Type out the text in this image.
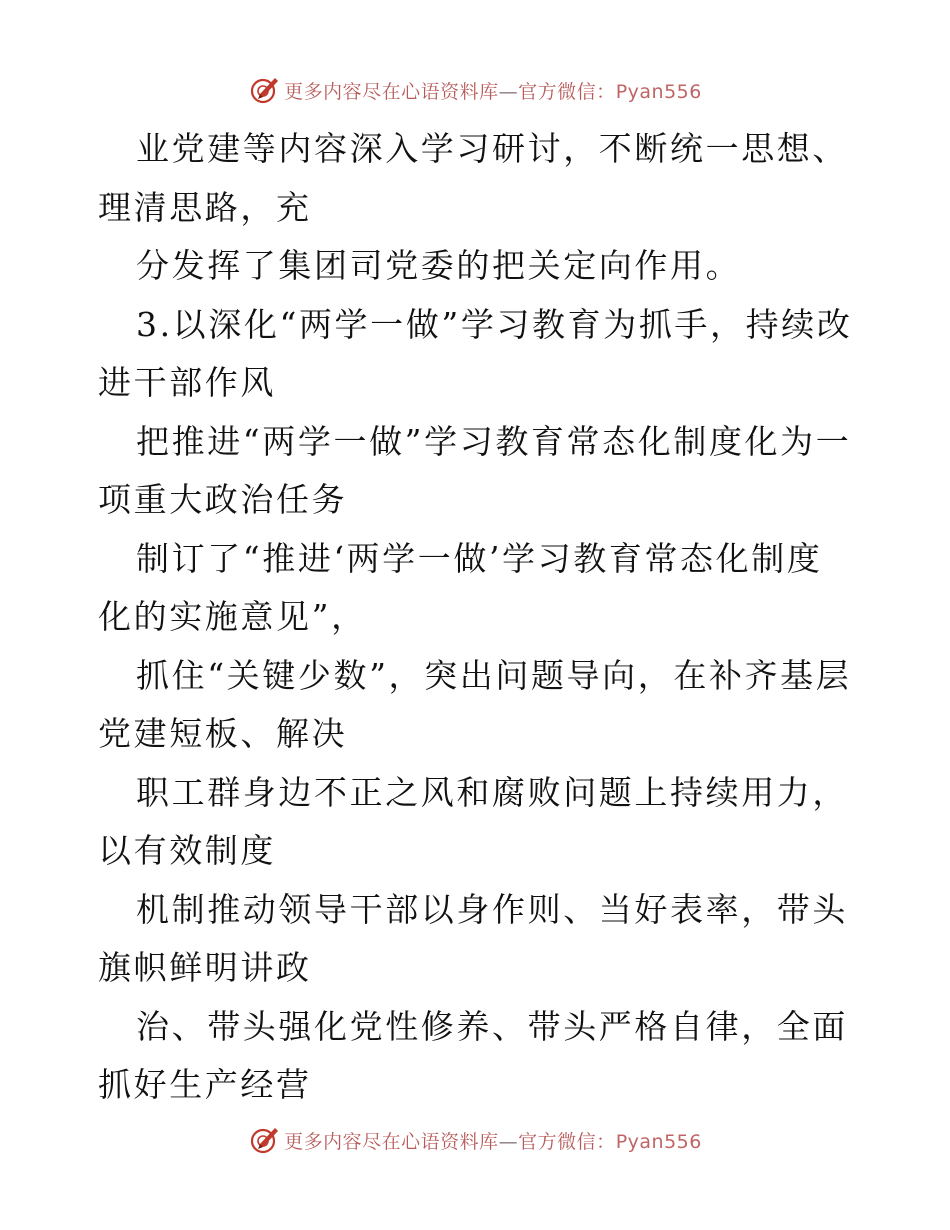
更多内容尽在心语资料库—官方微信：Pyan556

业党建等内容深入学习研讨，不断统一思想、理清思路，充

分发挥了集团司党委的把关定向作用。

3.以深化“两学一做”学习教育为抓手，持续改进干部作风

把推进“两学一做”学习教育常态化制度化为一项重大政治任务

制订了“推进‘两学一做’学习教育常态化制度化的实施意见”，

抓住“关键少数”，突出问题导向，在补齐基层党建短板、解决

职工群身边不正之风和腐败问题上持续用力，以有效制度

机制推动领导干部以身作则、当好表率，带头旗帜鲜明讲政

治、带头强化党性修养、带头严格自律，全面抓好生产经营

更多内容尽在心语资料库—官方微信：Pyan556
